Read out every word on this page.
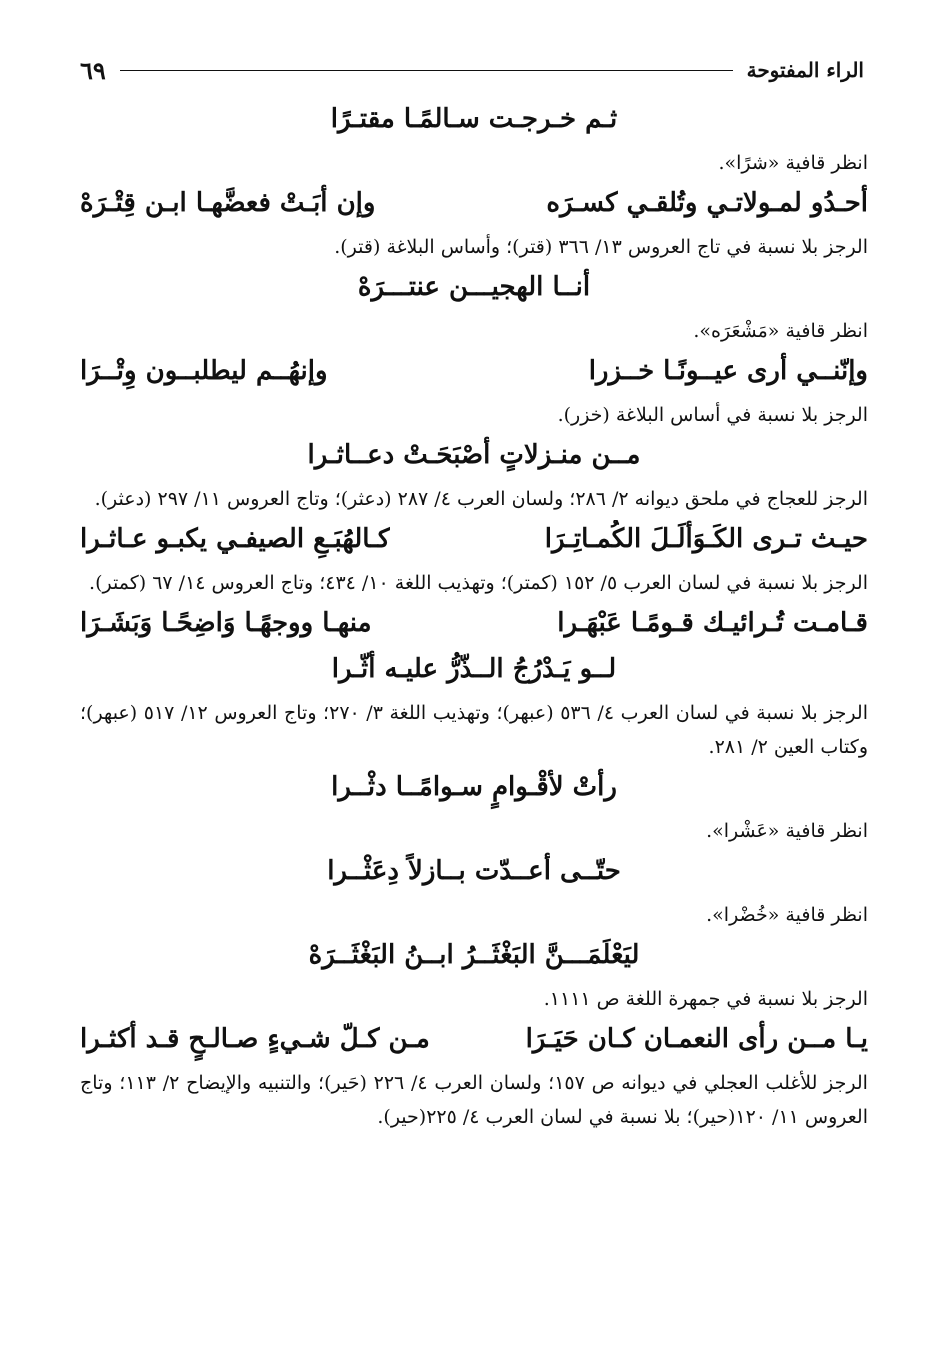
الراء المفتوحة
٦٩
ثـم خـرجـت سـالمًـا مقتـرًا
انظر قافية «شرًا».
أحـدُو لمـولاتـي وتُلقـي كسـرَه
وإن أبَـتْ فعضَّهـا ابـن قِتْـرَهْ
الرجز بلا نسبة في تاج العروس ١٣/ ٣٦٦ (قتر)؛ وأساس البلاغة (قتر).
أنــا الهجيـــن عنتـــرَهْ
انظر قافية «مَشْعَرَه».
وإنّنــي أرى عيــونًـا خــزرا
وإنهُــم ليطلبــون وِتْــرَا
الرجز بلا نسبة في أساس البلاغة (خزر).
مــن منـزلاتٍ أصْبَحَـتْ دعــاثـرا
الرجز للعجاج في ملحق ديوانه ٢/ ٢٨٦؛ ولسان العرب ٤/ ٢٨٧ (دعثر)؛ وتاج العروس ١١/ ٢٩٧ (دعثر).
حيـث تـرى الكَـوَألَـلَ الكُمـاتِـرَا
كـالهُبَـعِ الصيفـي يكبـو عـاثـرا
الرجز بلا نسبة في لسان العرب ٥/ ١٥٢ (كمتر)؛ وتهذيب اللغة ١٠/ ٤٣٤؛ وتاج العروس ١٤/ ٦٧ (كمتر).
قـامـت تُـرائيـك قـومًـا عَبْهَـرا
منهـا ووجهًـا وَاضِحًـا وَبَشَـرَا
لــو يَـدْرُجُ الــذّرُّ عليـه أثّـرا
الرجز بلا نسبة في لسان العرب ٤/ ٥٣٦ (عبهر)؛ وتهذيب اللغة ٣/ ٢٧٠؛ وتاج العروس ١٢/ ٥١٧ (عبهر)؛ وكتاب العين ٢/ ٢٨١.
رأتْ لأقْـوامٍ سـوامًــا دثْــرا
انظر قافية «عَشْرا».
حتّــى أعــدّت بــازلاً دِعَثْــرا
انظر قافية «خُضْرا».
ليَعْلَمَـــنَّ البَغْثَــرُ ابــنُ البَغْثَــرَهْ
الرجز بلا نسبة في جمهرة اللغة ص ١١١١.
يـا مــن رأى النعمـان كـان حَيَـرَا
مـن كـلّ شـيءٍ صـالـحٍ قـد أكثـرا
الرجز للأغلب العجلي في ديوانه ص ١٥٧؛ ولسان العرب ٤/ ٢٢٦ (حَير)؛ والتنبيه والإيضاح ٢/ ١١٣؛ وتاج العروس ١١/ ١٢٠(حير)؛ بلا نسبة في لسان العرب ٤/ ٢٢٥(حير).
